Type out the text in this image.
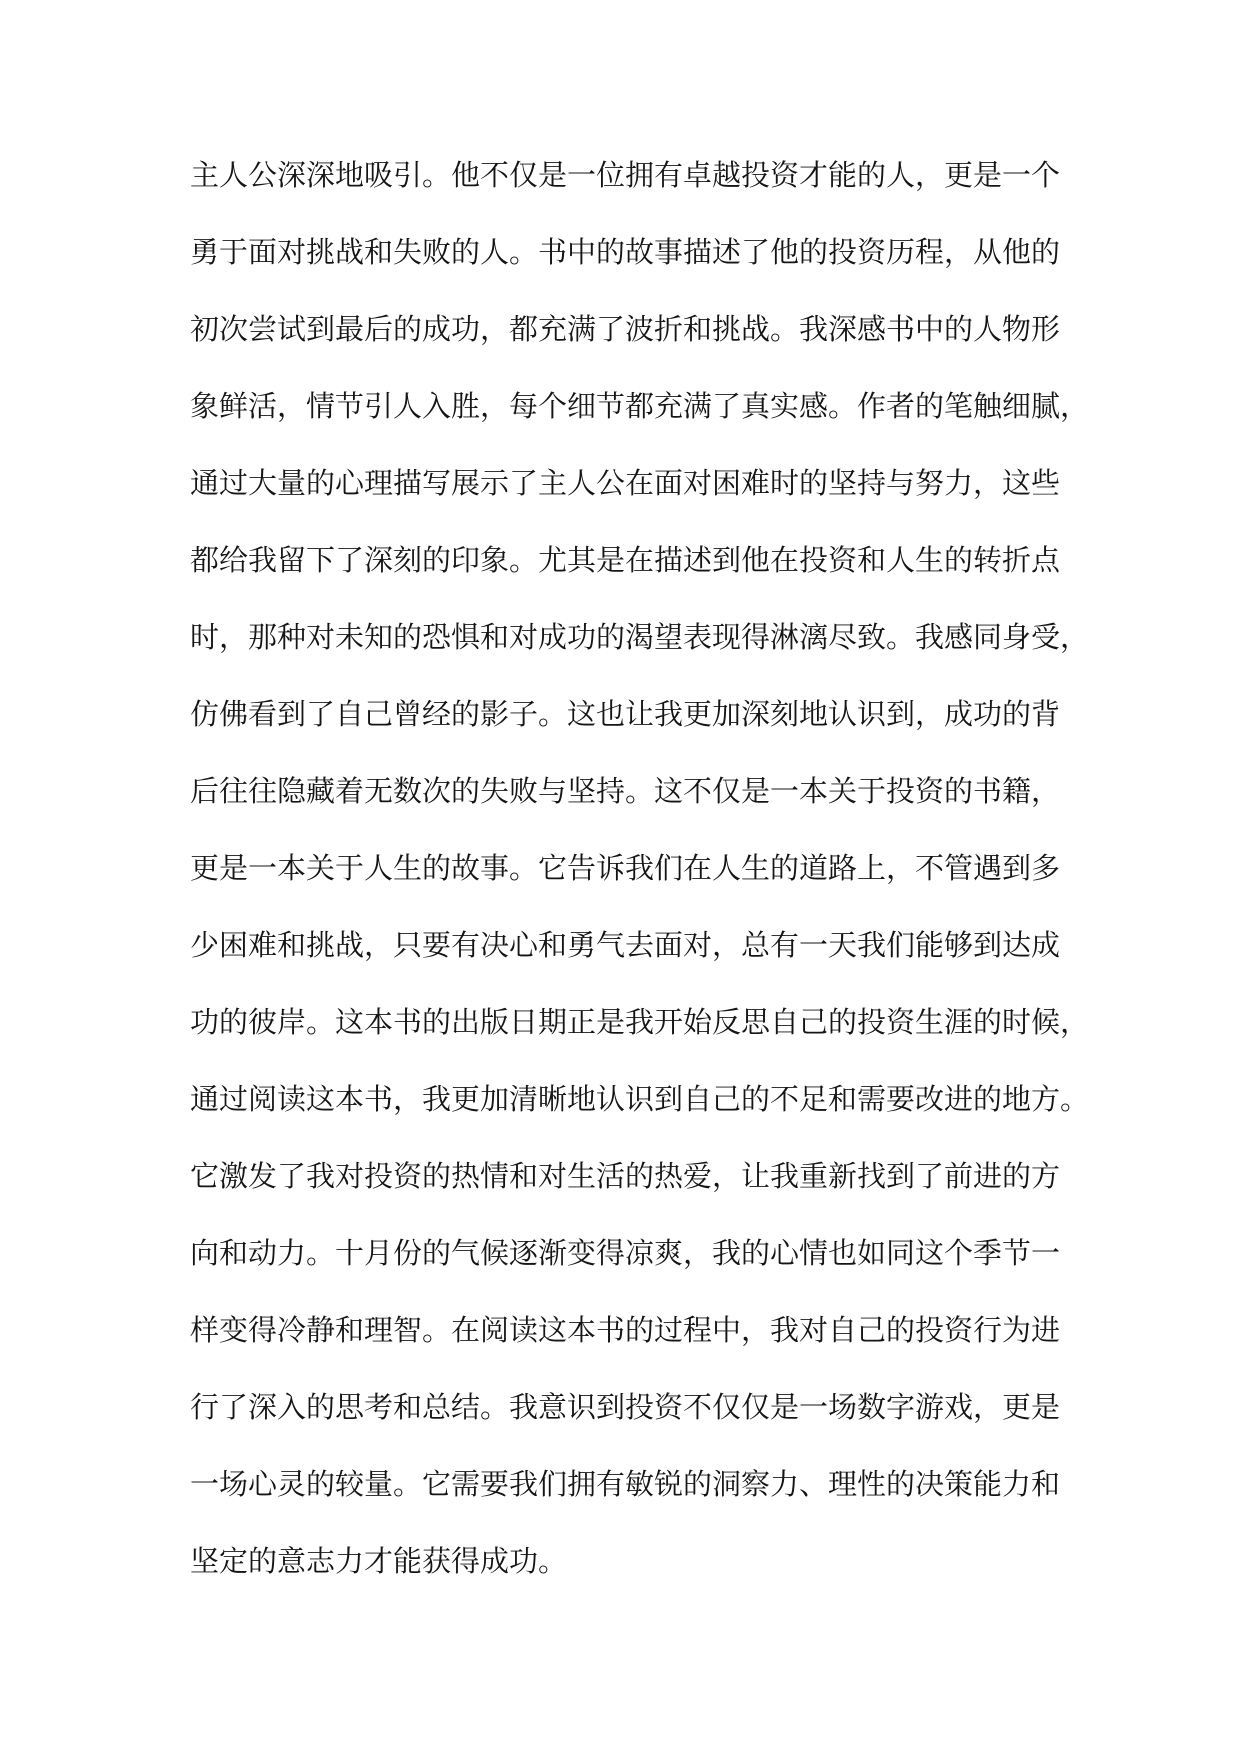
主人公深深地吸引。他不仅是一位拥有卓越投资才能的人，更是一个
勇于面对挑战和失败的人。书中的故事描述了他的投资历程，从他的
初次尝试到最后的成功，都充满了波折和挑战。我深感书中的人物形
象鲜活，情节引人入胜，每个细节都充满了真实感。作者的笔触细腻，
通过大量的心理描写展示了主人公在面对困难时的坚持与努力，这些
都给我留下了深刻的印象。尤其是在描述到他在投资和人生的转折点
时，那种对未知的恐惧和对成功的渴望表现得淋漓尽致。我感同身受，
仿佛看到了自己曾经的影子。这也让我更加深刻地认识到，成功的背
后往往隐藏着无数次的失败与坚持。这不仅是一本关于投资的书籍，
更是一本关于人生的故事。它告诉我们在人生的道路上，不管遇到多
少困难和挑战，只要有决心和勇气去面对，总有一天我们能够到达成
功的彼岸。这本书的出版日期正是我开始反思自己的投资生涯的时候，
通过阅读这本书，我更加清晰地认识到自己的不足和需要改进的地方。
它激发了我对投资的热情和对生活的热爱，让我重新找到了前进的方
向和动力。十月份的气候逐渐变得凉爽，我的心情也如同这个季节一
样变得冷静和理智。在阅读这本书的过程中，我对自己的投资行为进
行了深入的思考和总结。我意识到投资不仅仅是一场数字游戏，更是
一场心灵的较量。它需要我们拥有敏锐的洞察力、理性的决策能力和
坚定的意志力才能获得成功。
